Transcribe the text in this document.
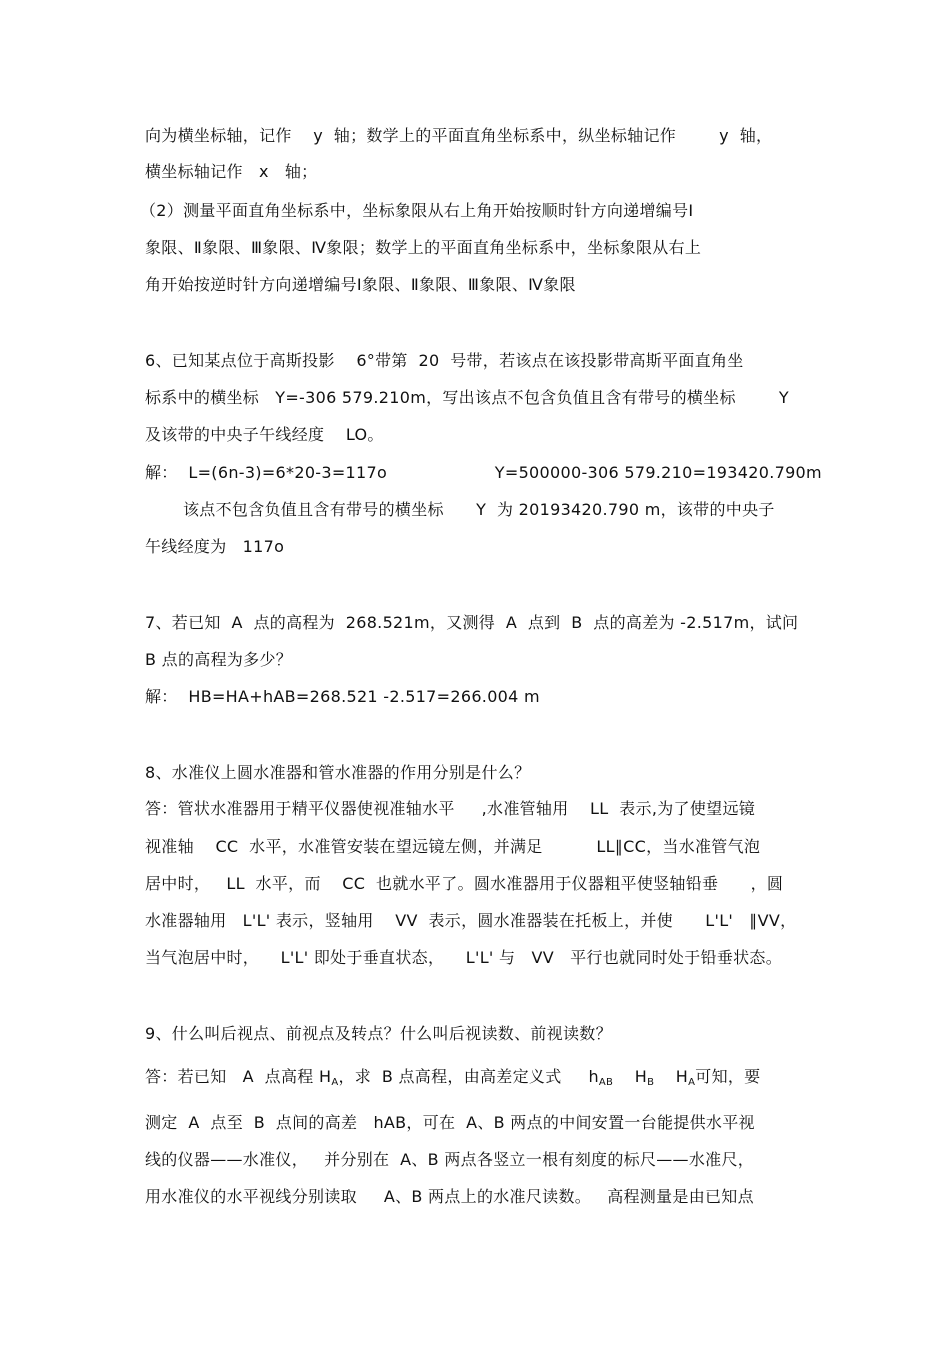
向为横坐标轴，记作    y  轴；数学上的平面直角坐标系中，纵坐标轴记作        y  轴，
横坐标轴记作   x   轴；
（2）测量平面直角坐标系中，坐标象限从右上角开始按顺时针方向递增编号Ⅰ
象限、Ⅱ象限、Ⅲ象限、Ⅳ象限；数学上的平面直角坐标系中，坐标象限从右上
角开始按逆时针方向递增编号Ⅰ象限、Ⅱ象限、Ⅲ象限、Ⅳ象限
6、已知某点位于高斯投影    6°带第  20  号带，若该点在该投影带高斯平面直角坐
标系中的横坐标   Y=-306 579.210m，写出该点不包含负值且含有带号的横坐标        Y
及该带的中央子午线经度    LO。
解：  L=(6n-3)=6*20-3=117o                    Y=500000-306 579.210=193420.790m
该点不包含负值且含有带号的横坐标      Y  为 20193420.790 m，该带的中央子
午线经度为   117o
7、若已知  A  点的高程为  268.521m，又测得  A  点到  B  点的高差为 -2.517m，试问
B 点的高程为多少？
解：  HB=HA+hAB=268.521 -2.517=266.004 m
8、水准仪上圆水准器和管水准器的作用分别是什么？
答：管状水准器用于精平仪器使视准轴水平     ,水准管轴用    LL  表示,为了使望远镜
视准轴    CC  水平，水准管安装在望远镜左侧，并满足          LL∥CC，当水准管气泡
居中时，   LL  水平，而    CC  也就水平了。圆水准器用于仪器粗平使竖轴铅垂      ，圆
水准器轴用   L'L' 表示，竖轴用    VV  表示，圆水准器装在托板上，并使      L'L'   ∥VV，
当气泡居中时，    L'L' 即处于垂直状态，    L'L' 与   VV   平行也就同时处于铅垂状态。
9、什么叫后视点、前视点及转点？什么叫后视读数、前视读数？
答：若已知   A  点高程 $H_A$，求  B 点高程，由高差定义式     $h_{AB}$    $H_B$    $H_A$可知，要
测定  A  点至  B  点间的高差   hAB，可在  A、B 两点的中间安置一台能提供水平视
线的仪器——水准仪，   并分别在  A、B 两点各竖立一根有刻度的标尺——水准尺，
用水准仪的水平视线分别读取     A、B 两点上的水准尺读数。   高程测量是由已知点
